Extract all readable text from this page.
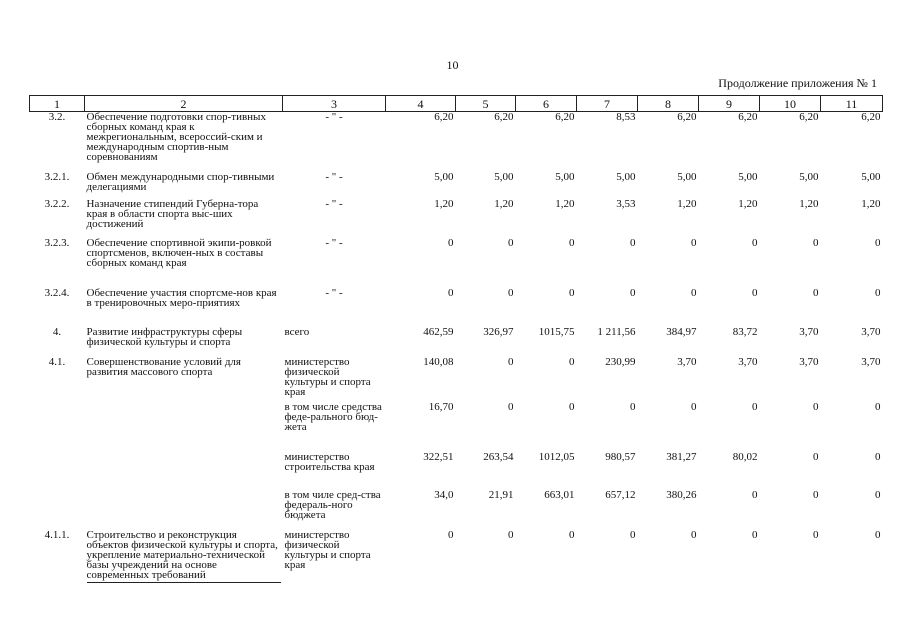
10
Продолжение приложения № 1
1	2	3	4	5	6	7	8	9	10	11
3.2.	Обеспечение подготовки спор-тивных сборных команд края к межрегиональным, всероссий-ским и международным спортив-ным соревнованиям	- " -	6,20	6,20	6,20	8,53	6,20	6,20	6,20	6,20
3.2.1.	Обмен международными спор-тивными делегациями	- " -	5,00	5,00	5,00	5,00	5,00	5,00	5,00	5,00
3.2.2.	Назначение стипендий Губерна-тора края в области спорта выс-ших достижений	- " -	1,20	1,20	1,20	3,53	1,20	1,20	1,20	1,20
3.2.3.	Обеспечение спортивной экипи-ровкой спортсменов, включен-ных в составы сборных команд края	- " -	0	0	0	0	0	0	0	0
3.2.4.	Обеспечение участия спортсме-нов края в тренировочных меро-приятиях	- " -	0	0	0	0	0	0	0	0
4.	Развитие инфраструктуры сферы физической культуры и спорта	всего	462,59	326,97	1015,75	1 211,56	384,97	83,72	3,70	3,70
4.1.	Совершенствование условий для развития массового спорта	министерство физической культуры и спорта края	140,08	0	0	230,99	3,70	3,70	3,70	3,70
		в том числе средства феде-рального бюд-жета	16,70	0	0	0	0	0	0	0
		министерство строительства края	322,51	263,54	1012,05	980,57	381,27	80,02	0	0
		в том чиле сред-ства федераль-ного бюджета	34,0	21,91	663,01	657,12	380,26	0	0	0
4.1.1.	Строительство и реконструкция объектов физической культуры и спорта, укрепление материально-технической базы учреждений на основе современных требований	министерство физической культуры и спорта края	0	0	0	0	0	0	0	0
